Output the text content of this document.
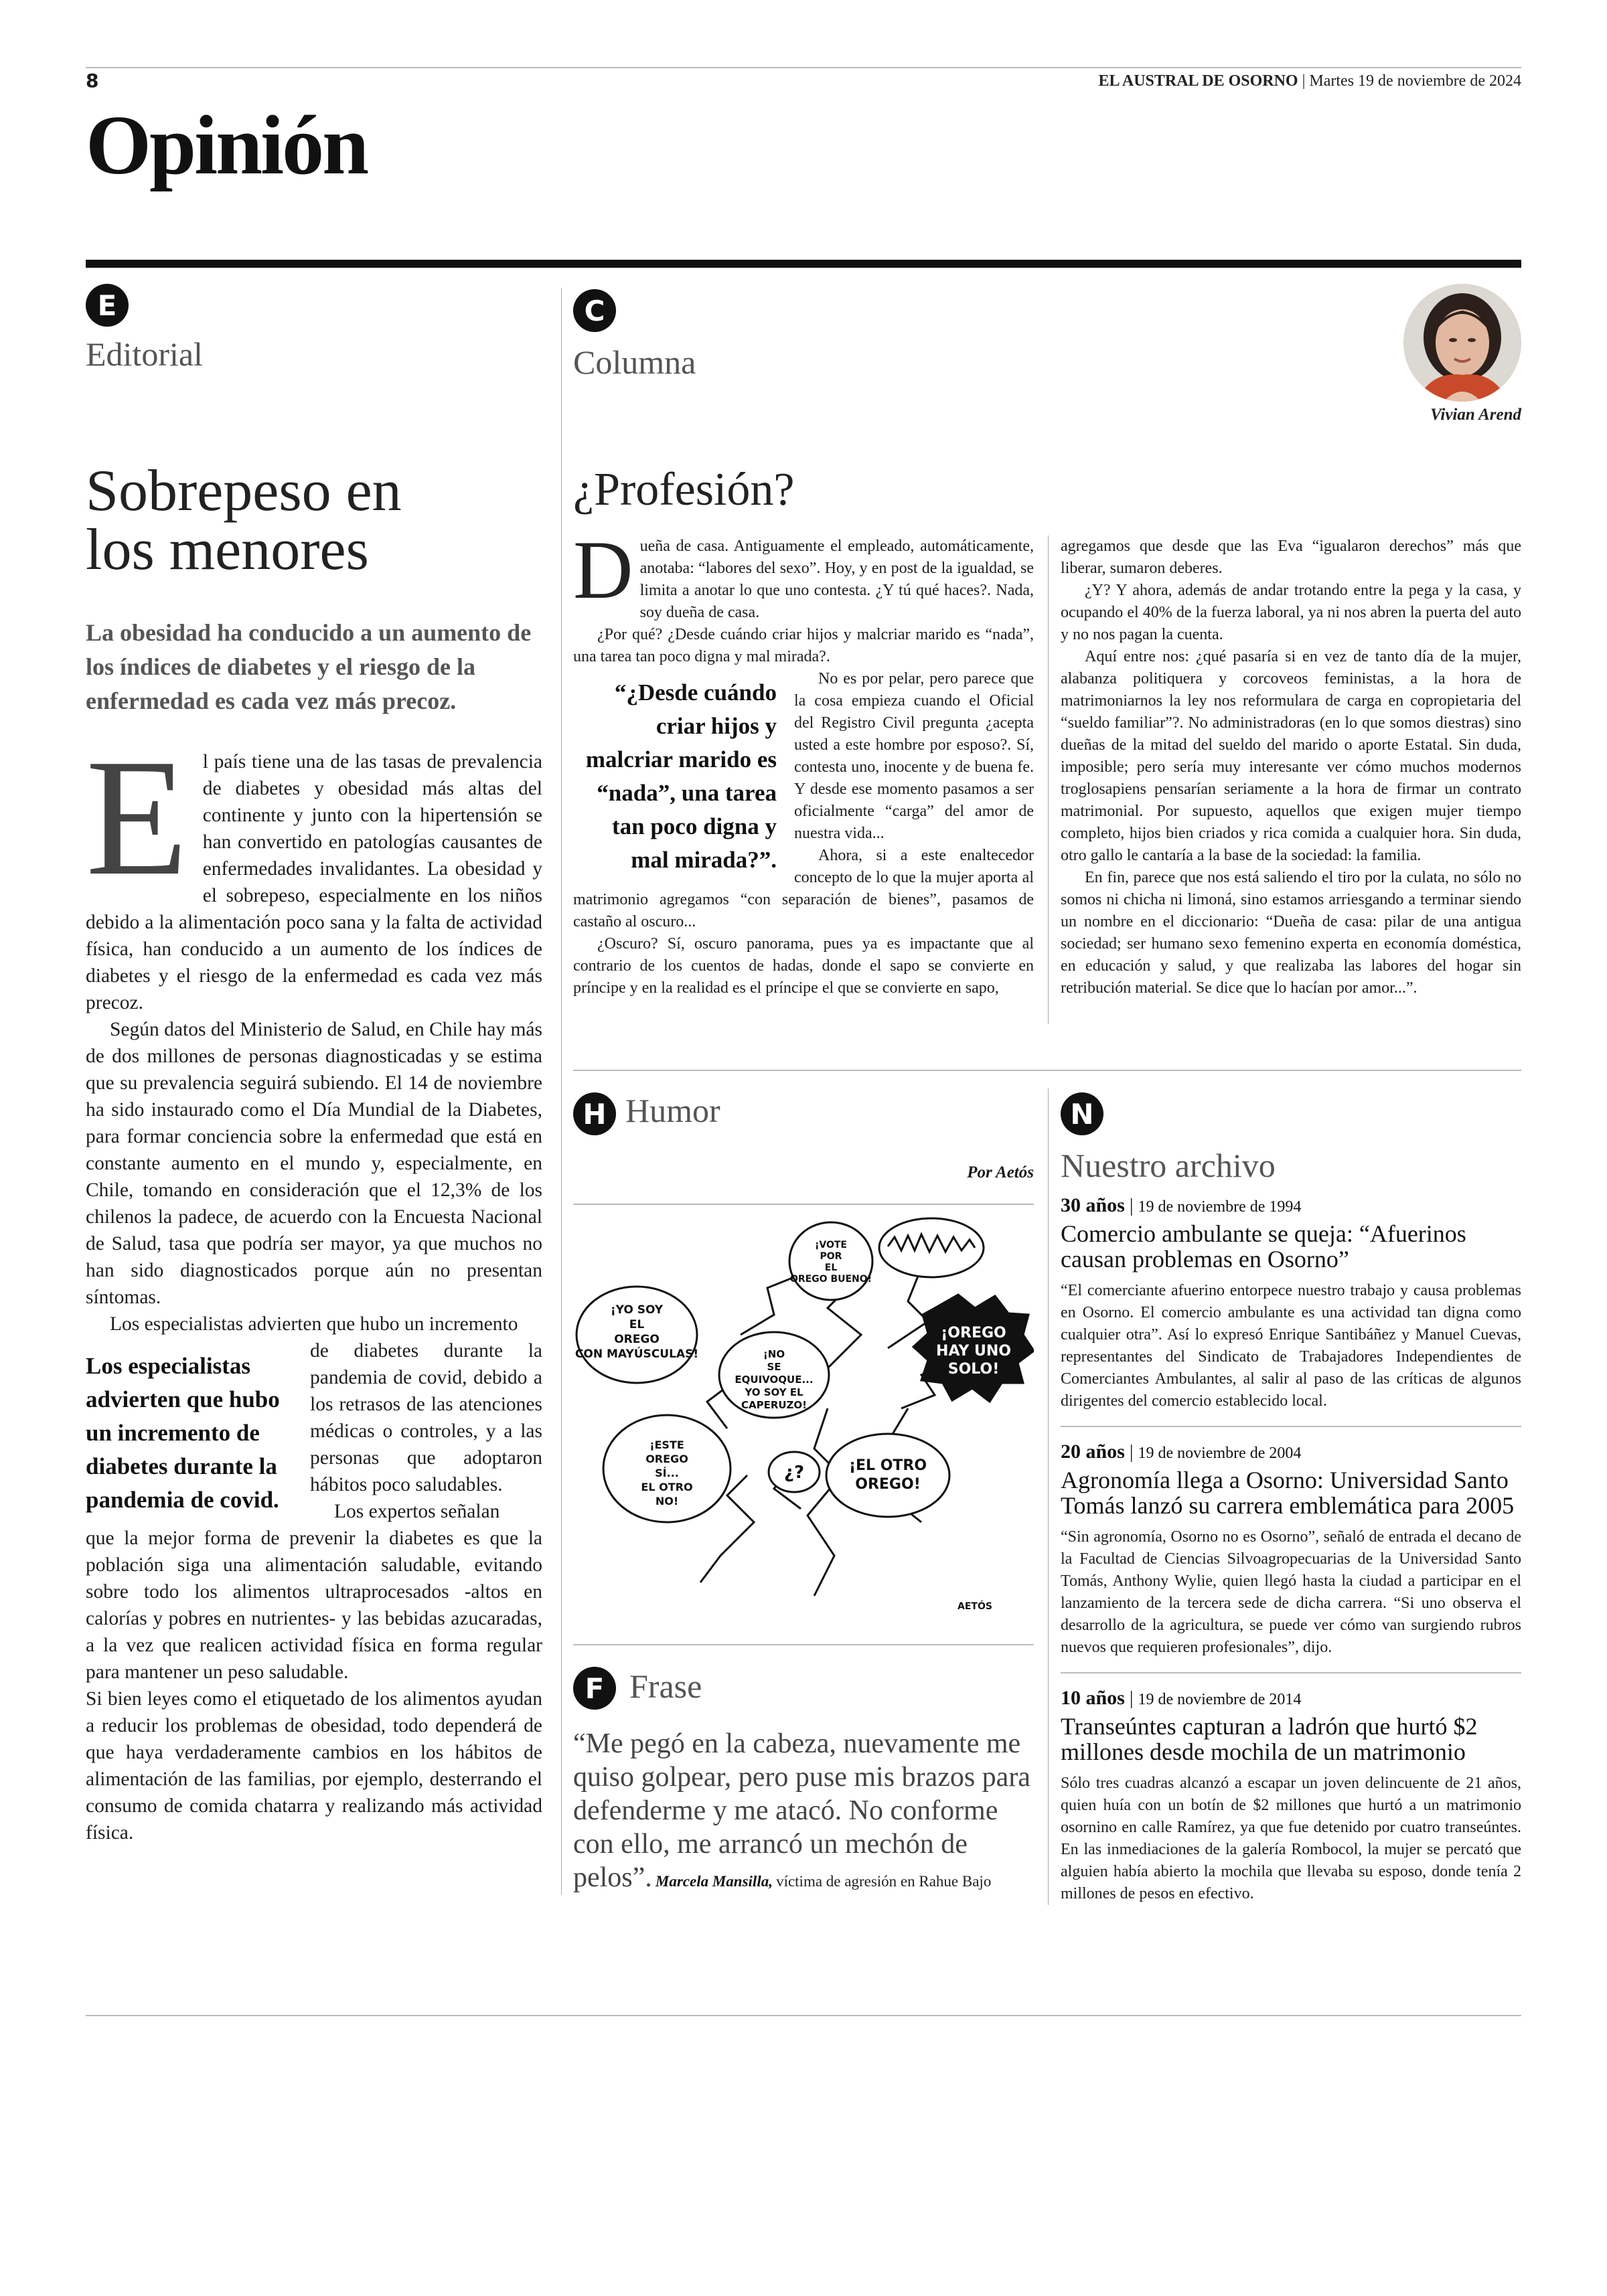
8	EL AUSTRAL DE OSORNO | Martes 19 de noviembre de 2024
Opinión
E
Editorial
Sobrepeso en
los menores
La obesidad ha conducido a un aumento de los índices de diabetes y el riesgo de la enfermedad es cada vez más precoz.
E l país tiene una de las tasas de prevalencia de diabetes y obesidad más altas del continente y junto con la hipertensión se han convertido en patologías causantes de enfermedades invalidantes. La obesidad y el sobrepeso, especialmente en los niños debido a la alimentación poco sana y la falta de actividad física, han conducido a un aumento de los índices de diabetes y el riesgo de la enfermedad es cada vez más precoz.

Según datos del Ministerio de Salud, en Chile hay más de dos millones de personas diagnosticadas y se estima que su prevalencia seguirá subiendo. El 14 de noviembre ha sido instaurado como el Día Mundial de la Diabetes, para formar conciencia sobre la enfermedad que está en constante aumento en el mundo y, especialmente, en Chile, tomando en consideración que el 12,3% de los chilenos la padece, de acuerdo con la Encuesta Nacional de Salud, tasa que podría ser mayor, ya que muchos no han sido diagnosticados porque aún no presentan síntomas.

Los especialistas advierten que hubo un incremento

Los especialistas advierten que hubo un incremento de diabetes durante la pandemia de covid.

de diabetes durante la pandemia de covid, debido a los retrasos de las atenciones médicas o controles, y a las personas que adoptaron hábitos poco saludables.

Los expertos señalan

que la mejor forma de prevenir la diabetes es que la población siga una alimentación saludable, evitando sobre todo los alimentos ultraprocesados -altos en calorías y pobres en nutrientes- y las bebidas azucaradas, a la vez que realicen actividad física en forma regular para mantener un peso saludable.

Si bien leyes como el etiquetado de los alimentos ayudan a reducir los problemas de obesidad, todo dependerá de que haya verdaderamente cambios en los hábitos de alimentación de las familias, por ejemplo, desterrando el consumo de comida chatarra y realizando más actividad física.

C
Columna
Vivian Arend
¿Profesión?
D ueña de casa. Antiguamente el empleado, automáticamente, anotaba: “labores del sexo”. Hoy, y en post de la igualdad, se limita a anotar lo que uno contesta. ¿Y tú qué haces?. Nada, soy dueña de casa.

¿Por qué? ¿Desde cuándo criar hijos y malcriar marido es “nada”, una tarea tan poco digna y mal mirada?.

“¿Desde cuándo criar hijos y malcriar marido es “nada”, una tarea tan poco digna y mal mirada?”.

No es por pelar, pero parece que la cosa empieza cuando el Oficial del Registro Civil pregunta ¿acepta usted a este hombre por esposo?. Sí, contesta uno, inocente y de buena fe. Y desde ese momento pasamos a ser oficialmente “carga” del amor de nuestra vida...

Ahora, si a este enaltecedor concepto de lo que la mujer aporta al matrimonio agregamos “con separación de bienes”, pasamos de castaño al oscuro...

¿Oscuro? Sí, oscuro panorama, pues ya es impactante que al contrario de los cuentos de hadas, donde el sapo se convierte en príncipe y en la realidad es el príncipe el que se convierte en sapo,

agregamos que desde que las Eva “igualaron derechos” más que liberar, sumaron deberes.

¿Y? Y ahora, además de andar trotando entre la pega y la casa, y ocupando el 40% de la fuerza laboral, ya ni nos abren la puerta del auto y no nos pagan la cuenta.

Aquí entre nos: ¿qué pasaría si en vez de tanto día de la mujer, alabanza politiquera y corcoveos feministas, a la hora de matrimoniarnos la ley nos reformulara de carga en copropietaria del “sueldo familiar”?. No administradoras (en lo que somos diestras) sino dueñas de la mitad del sueldo del marido o aporte Estatal. Sin duda, imposible; pero sería muy interesante ver cómo muchos modernos troglosapiens pensarían seriamente a la hora de firmar un contrato matrimonial. Por supuesto, aquellos que exigen mujer tiempo completo, hijos bien criados y rica comida a cualquier hora. Sin duda, otro gallo le cantaría a la base de la sociedad: la familia.

En fin, parece que nos está saliendo el tiro por la culata, no sólo no somos ni chicha ni limoná, sino estamos arriesgando a terminar siendo un nombre en el diccionario: “Dueña de casa: pilar de una antigua sociedad; ser humano sexo femenino experta en economía doméstica, en educación y salud, y que realizaba las labores del hogar sin retribución material. Se dice que lo hacían por amor...”.

H Humor
Por Aetós
¡YO SOY EL OREGO CON MAYÚSCULAS!
¡VOTE POR EL OREGO BUENO!
¡NO SE EQUIVOQUE... YO SOY EL CAPERUZO!
¡ESTE OREGO SÍ... EL OTRO NO!
¿?	¡EL OTRO OREGO!
¡OREGO HAY UNO SOLO!
AETÓS
F Frase
“Me pegó en la cabeza, nuevamente me quiso golpear, pero puse mis brazos para defenderme y me atacó. No conforme con ello, me arrancó un mechón de pelos”. Marcela Mansilla, víctima de agresión en Rahue Bajo
N
Nuestro archivo
30 años | 19 de noviembre de 1994
Comercio ambulante se queja: “Afuerinos causan problemas en Osorno”

“El comerciante afuerino entorpece nuestro trabajo y causa problemas en Osorno. El comercio ambulante es una actividad tan digna como cualquier otra”. Así lo expresó Enrique Santibáñez y Manuel Cuevas, representantes del Sindicato de Trabajadores Independientes de Comerciantes Ambulantes, al salir al paso de las críticas de algunos dirigentes del comercio establecido local.

20 años | 19 de noviembre de 2004
Agronomía llega a Osorno: Universidad Santo Tomás lanzó su carrera emblemática para 2005

“Sin agronomía, Osorno no es Osorno”, señaló de entrada el decano de la Facultad de Ciencias Silvoagropecuarias de la Universidad Santo Tomás, Anthony Wylie, quien llegó hasta la ciudad a participar en el lanzamiento de la tercera sede de dicha carrera. “Si uno observa el desarrollo de la agricultura, se puede ver cómo van surgiendo rubros nuevos que requieren profesionales”, dijo.

10 años | 19 de noviembre de 2014
Transeúntes capturan a ladrón que hurtó $2 millones desde mochila de un matrimonio

Sólo tres cuadras alcanzó a escapar un joven delincuente de 21 años, quien huía con un botín de $2 millones que hurtó a un matrimonio osornino en calle Ramírez, ya que fue detenido por cuatro transeúntes. En las inmediaciones de la galería Rombocol, la mujer se percató que alguien había abierto la mochila que llevaba su esposo, donde tenía 2 millones de pesos en efectivo.
